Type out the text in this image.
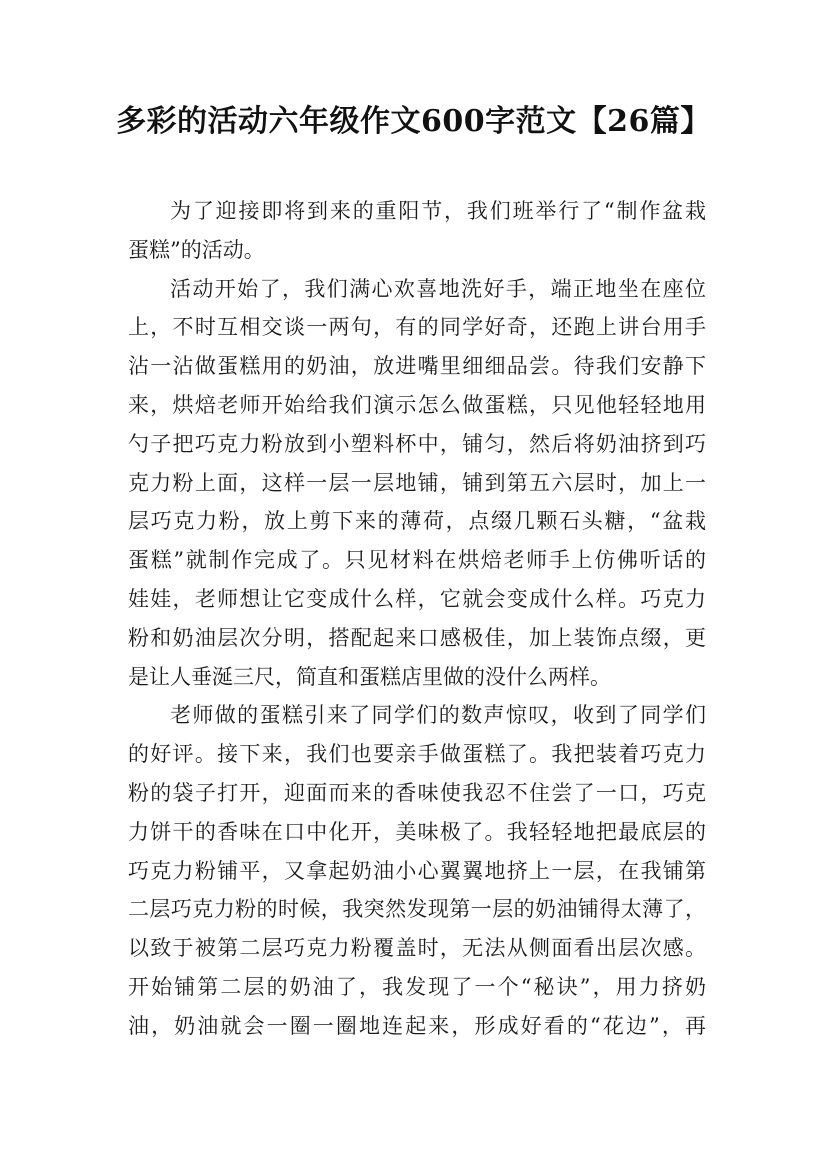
多彩的活动六年级作文600字范文【26篇】
为了迎接即将到来的重阳节，我们班举行了“制作盆栽
蛋糕”的活动。
活动开始了，我们满心欢喜地洗好手，端正地坐在座位
上，不时互相交谈一两句，有的同学好奇，还跑上讲台用手
沾一沾做蛋糕用的奶油，放进嘴里细细品尝。待我们安静下
来，烘焙老师开始给我们演示怎么做蛋糕，只见他轻轻地用
勺子把巧克力粉放到小塑料杯中，铺匀，然后将奶油挤到巧
克力粉上面，这样一层一层地铺，铺到第五六层时，加上一
层巧克力粉，放上剪下来的薄荷，点缀几颗石头糖，“盆栽
蛋糕”就制作完成了。只见材料在烘焙老师手上仿佛听话的
娃娃，老师想让它变成什么样，它就会变成什么样。巧克力
粉和奶油层次分明，搭配起来口感极佳，加上装饰点缀，更
是让人垂涎三尺，简直和蛋糕店里做的没什么两样。
老师做的蛋糕引来了同学们的数声惊叹，收到了同学们
的好评。接下来，我们也要亲手做蛋糕了。我把装着巧克力
粉的袋子打开，迎面而来的香味使我忍不住尝了一口，巧克
力饼干的香味在口中化开，美味极了。我轻轻地把最底层的
巧克力粉铺平，又拿起奶油小心翼翼地挤上一层，在我铺第
二层巧克力粉的时候，我突然发现第一层的奶油铺得太薄了，
以致于被第二层巧克力粉覆盖时，无法从侧面看出层次感。
开始铺第二层的奶油了，我发现了一个“秘诀”，用力挤奶
油，奶油就会一圈一圈地连起来，形成好看的“花边”，再
